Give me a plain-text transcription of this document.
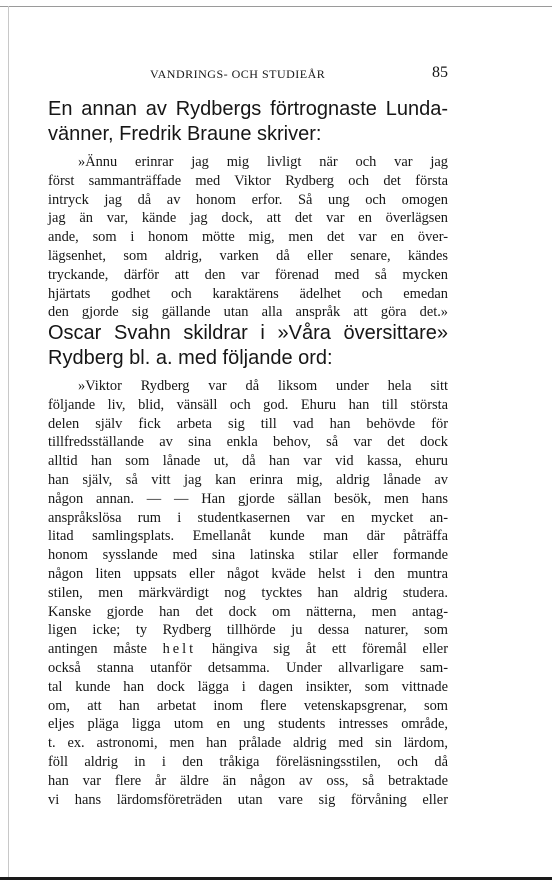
VANDRINGS- OCH STUDIEÅR	85
En annan av Rydbergs förtrognaste Lunda-vänner, Fredrik Braune skriver:
»Ännu erinrar jag mig livligt när och var jag
först sammanträffade med Viktor Rydberg och det första
intryck jag då av honom erfor. Så ung och omogen
jag än var, kände jag dock, att det var en överlägsen
ande, som i honom mötte mig, men det var en över-
lägsenhet, som aldrig, varken då eller senare, kändes
tryckande, därför att den var förenad med så mycken
hjärtats godhet och karaktärens ädelhet och emedan
den gjorde sig gällande utan alla anspråk att göra det.»
Oscar Svahn skildrar i »Våra översittare» Rydberg bl. a. med följande ord:
»Viktor Rydberg var då liksom under hela sitt
följande liv, blid, vänsäll och god. Ehuru han till största
delen själv fick arbeta sig till vad han behövde för
tillfredsställande av sina enkla behov, så var det dock
alltid han som lånade ut, då han var vid kassa, ehuru
han själv, så vitt jag kan erinra mig, aldrig lånade av
någon annan. — — Han gjorde sällan besök, men hans
anspråkslösa rum i studentkasernen var en mycket an-
litad samlingsplats. Emellanåt kunde man där påträffa
honom sysslande med sina latinska stilar eller formande
någon liten uppsats eller något kväde helst i den muntra
stilen, men märkvärdigt nog tycktes han aldrig studera.
Kanske gjorde han det dock om nätterna, men antag-
ligen icke; ty Rydberg tillhörde ju dessa naturer, som
antingen måste helt hängiva sig åt ett föremål eller
också stanna utanför detsamma. Under allvarligare sam-
tal kunde han dock lägga i dagen insikter, som vittnade
om, att han arbetat inom flere vetenskapsgrenar, som
eljes pläga ligga utom en ung students intresses område,
t. ex. astronomi, men han prålade aldrig med sin lärdom,
föll aldrig in i den tråkiga föreläsningsstilen, och då
han var flere år äldre än någon av oss, så betraktade
vi hans lärdomsföreträden utan vare sig förvåning eller
